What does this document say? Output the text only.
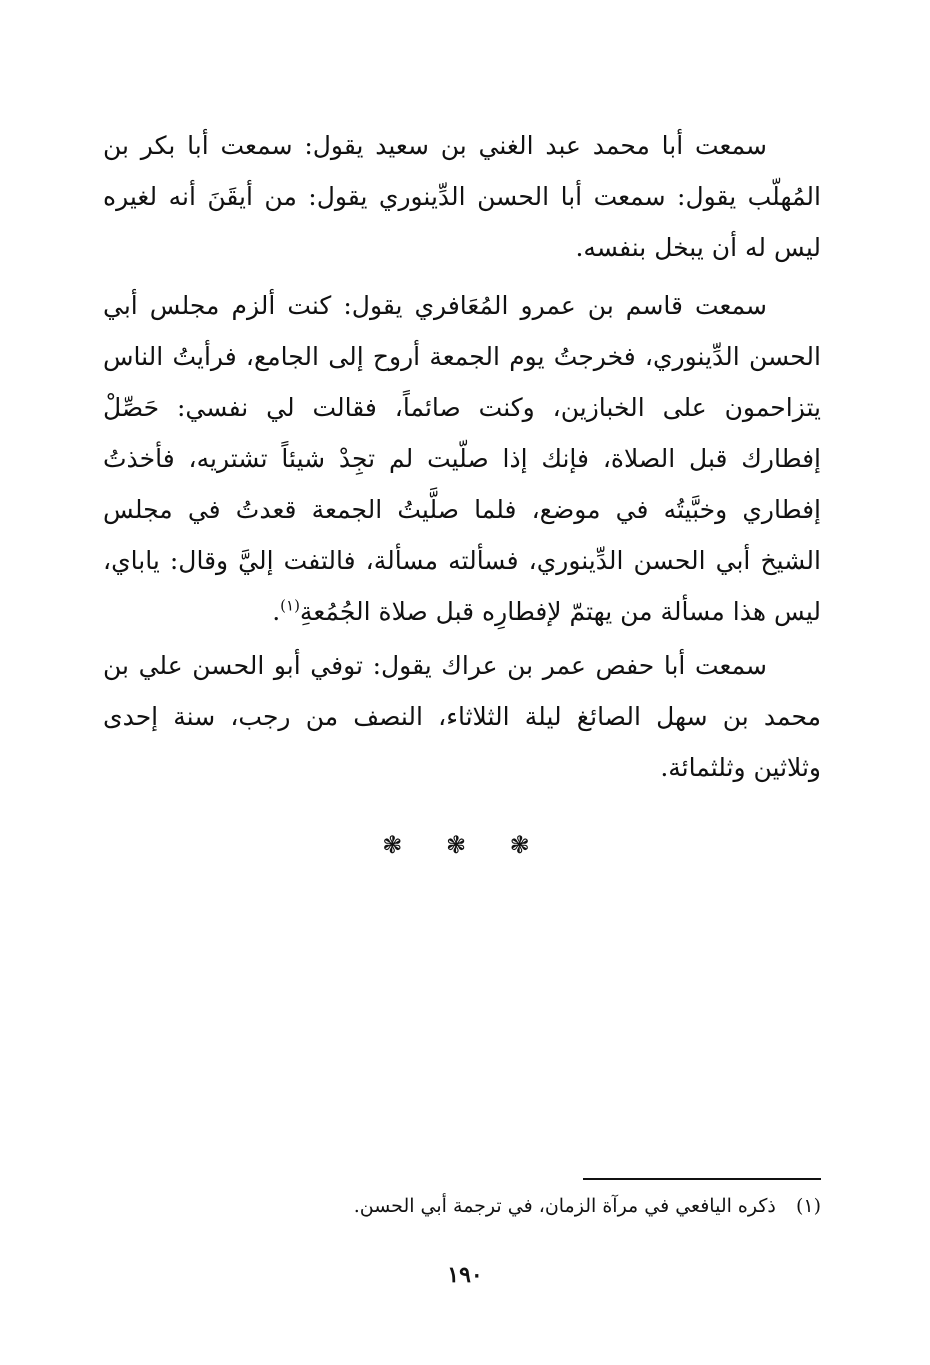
سمعت أبا محمد عبد الغني بن سعيد يقول: سمعت أبا بكر بن المُهلّب يقول: سمعت أبا الحسن الدِّينوري يقول: من أيقَنَ أنه لغيره ليس له أن يبخل بنفسه.

سمعت قاسم بن عمرو المُعَافري يقول: كنت ألزم مجلس أبي الحسن الدِّينوري، فخرجتُ يوم الجمعة أروح إلى الجامع، فرأيتُ الناس يتزاحمون على الخبازين، وكنت صائماً، فقالت لي نفسي: حَصِّلْ إفطارك قبل الصلاة، فإنك إذا صلّيت لم تجِدْ شيئاً تشتريه، فأخذتُ إفطاري وخبَّيتُه في موضع، فلما صلَّيتُ الجمعة قعدتُ في مجلس الشيخ أبي الحسن الدِّينوري، فسألته مسألة، فالتفت إليَّ وقال: ياباي، ليس هذا مسألة من يهتمّ لإفطارِه قبل صلاة الجُمُعةِ$^{(١)}$.

سمعت أبا حفص عمر بن عراك يقول: توفي أبو الحسن علي بن محمد بن سهل الصائغ ليلة الثلاثاء، النصف من رجب، سنة إحدى وثلاثين وثلثمائة.

❃ ❃ ❃
(١) ذكره اليافعي في مرآة الزمان، في ترجمة أبي الحسن.
١٩٠
